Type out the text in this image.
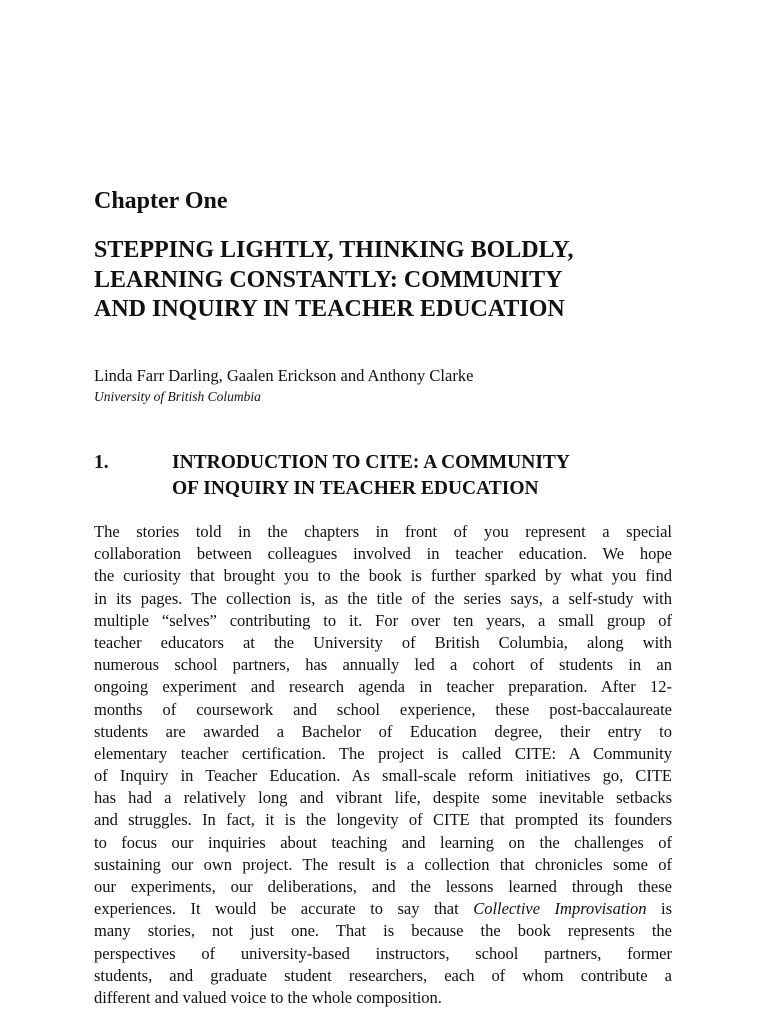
Chapter One
STEPPING LIGHTLY, THINKING BOLDLY,
LEARNING CONSTANTLY: COMMUNITY
AND INQUIRY IN TEACHER EDUCATION
Linda Farr Darling, Gaalen Erickson and Anthony Clarke
University of British Columbia
1.	INTRODUCTION TO CITE: A COMMUNITY
OF INQUIRY IN TEACHER EDUCATION
The stories told in the chapters in front of you represent a special
collaboration between colleagues involved in teacher education. We hope
the curiosity that brought you to the book is further sparked by what you find
in its pages. The collection is, as the title of the series says, a self-study with
multiple “selves” contributing to it. For over ten years, a small group of
teacher educators at the University of British Columbia, along with
numerous school partners, has annually led a cohort of students in an
ongoing experiment and research agenda in teacher preparation. After 12-
months of coursework and school experience, these post-baccalaureate
students are awarded a Bachelor of Education degree, their entry to
elementary teacher certification. The project is called CITE: A Community
of Inquiry in Teacher Education. As small-scale reform initiatives go, CITE
has had a relatively long and vibrant life, despite some inevitable setbacks
and struggles. In fact, it is the longevity of CITE that prompted its founders
to focus our inquiries about teaching and learning on the challenges of
sustaining our own project. The result is a collection that chronicles some of
our experiments, our deliberations, and the lessons learned through these
experiences. It would be accurate to say that Collective Improvisation is
many stories, not just one. That is because the book represents the
perspectives of university-based instructors, school partners, former
students, and graduate student researchers, each of whom contribute a
different and valued voice to the whole composition.
